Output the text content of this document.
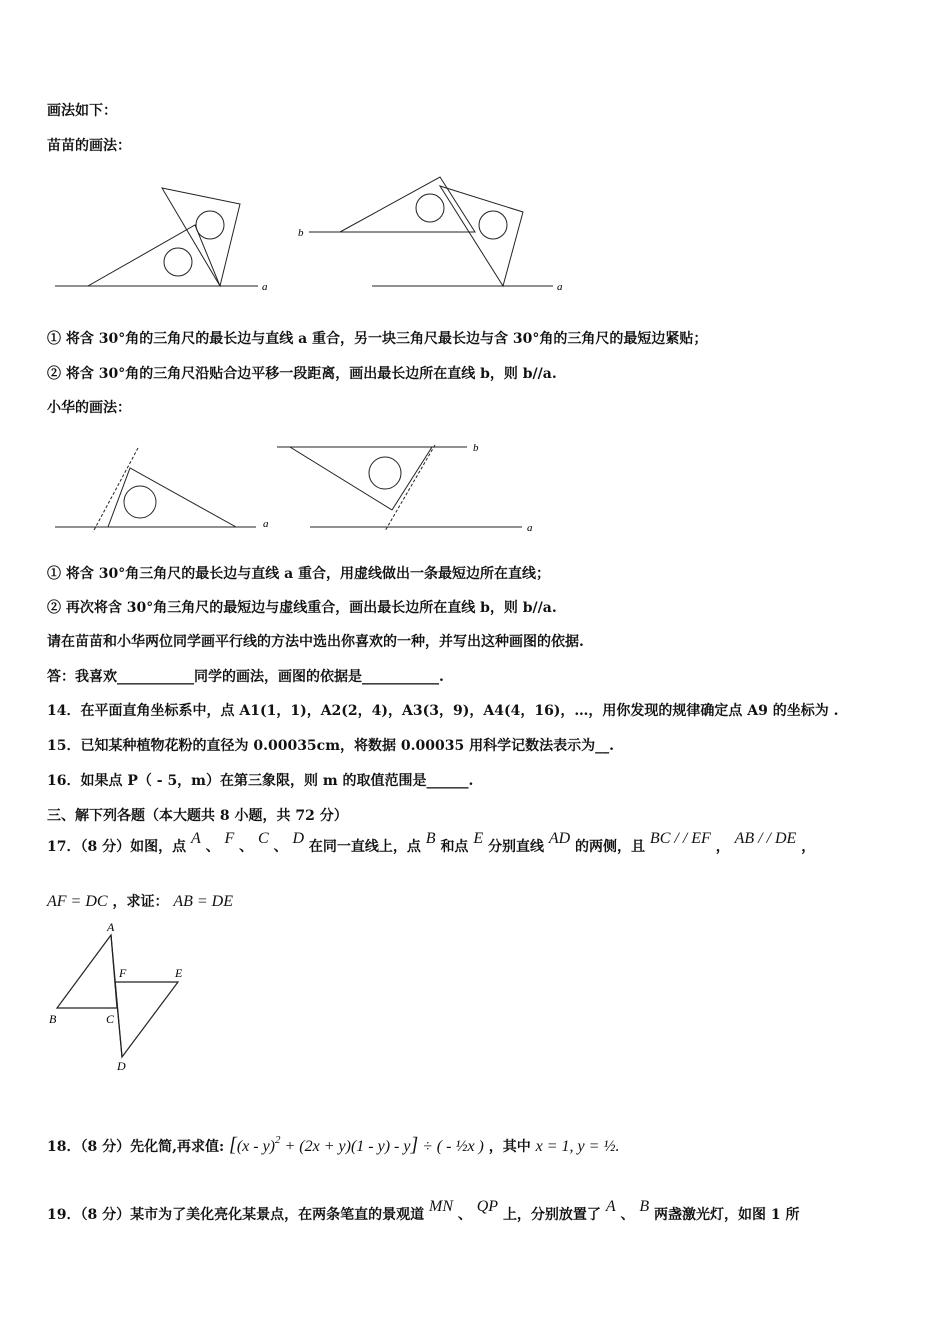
画法如下：
苗苗的画法：
a
b
a
① 将含 30°角的三角尺的最长边与直线 a 重合，另一块三角尺最长边与含 30°角的三角尺的最短边紧贴；
② 将含 30°角的三角尺沿贴合边平移一段距离，画出最长边所在直线 b，则 b//a.
小华的画法：
a
b
a
① 将含 30°角三角尺的最长边与直线 a 重合，用虚线做出一条最短边所在直线；
② 再次将含 30°角三角尺的最短边与虚线重合，画出最长边所在直线 b，则 b//a.
请在苗苗和小华两位同学画平行线的方法中选出你喜欢的一种，并写出这种画图的依据.
答：我喜欢___________同学的画法，画图的依据是___________.
14．在平面直角坐标系中，点 A1(1，1)，A2(2，4)，A3(3，9)，A4(4，16)，…，用你发现的规律确定点 A9 的坐标为 .
15．已知某种植物花粉的直径为 0.00035cm，将数据 0.00035 用科学记数法表示为__.
16．如果点 P（ - 5，m）在第三象限，则 m 的取值范围是______.
三、解下列各题（本大题共 8 小题，共 72 分）
17．（8 分）如图，点 A 、 F 、 C 、 D 在同一直线上，点 B 和点 E 分别直线 AD 的两侧，且 BC / / EF ， AB / / DE ，
AF = DC ，求证： AB = DE
A
F	E
B	C
D
18．（8 分）先化简,再求值: [(x - y)$^2$ + (2x + y)(1 - y) - y] ÷ ( - ½x ) ，其中 x = 1, y = ½.
19．（8 分）某市为了美化亮化某景点，在两条笔直的景观道 MN 、 QP 上，分别放置了 A 、 B 两盏激光灯，如图 1 所
